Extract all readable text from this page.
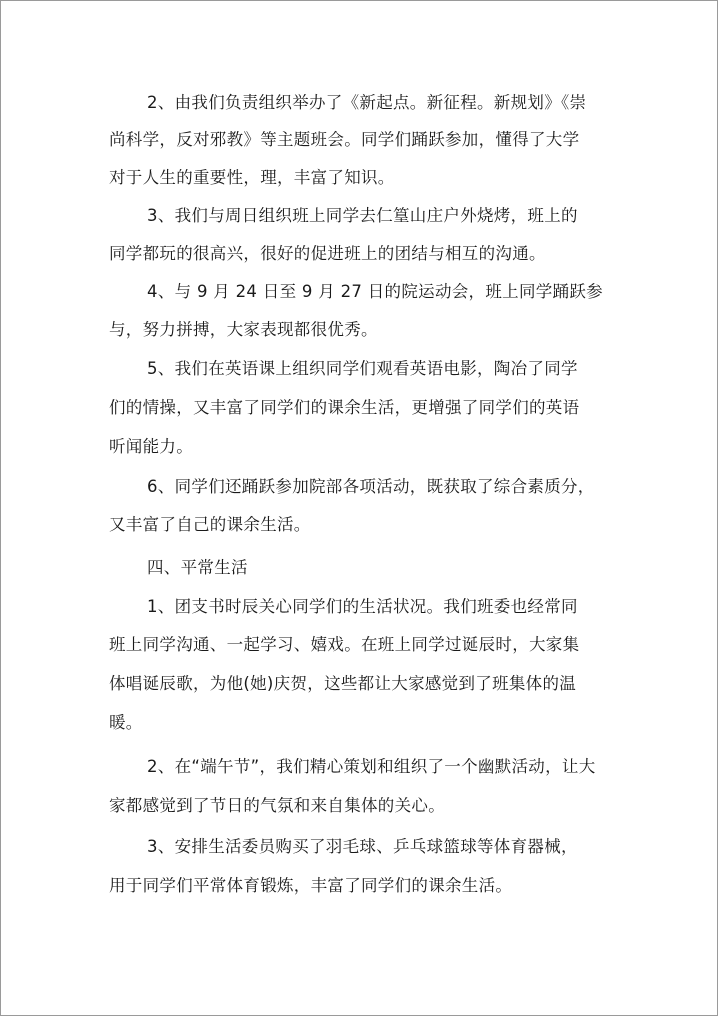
2、由我们负责组织举办了《新起点。新征程。新规划》《崇
尚科学，反对邪教》等主题班会。同学们踊跃参加，懂得了大学
对于人生的重要性，理，丰富了知识。
3、我们与周日组织班上同学去仁篁山庄户外烧烤，班上的
同学都玩的很高兴，很好的促进班上的团结与相互的沟通。
4、与 9 月 24 日至 9 月 27 日的院运动会，班上同学踊跃参
与，努力拼搏，大家表现都很优秀。
5、我们在英语课上组织同学们观看英语电影，陶冶了同学
们的情操，又丰富了同学们的课余生活，更增强了同学们的英语
听闻能力。
6、同学们还踊跃参加院部各项活动，既获取了综合素质分，
又丰富了自己的课余生活。
四、平常生活
1、团支书时辰关心同学们的生活状况。我们班委也经常同
班上同学沟通、一起学习、嬉戏。在班上同学过诞辰时，大家集
体唱诞辰歌，为他(她)庆贺，这些都让大家感觉到了班集体的温
暖。
2、在“端午节”，我们精心策划和组织了一个幽默活动，让大
家都感觉到了节日的气氛和来自集体的关心。
3、安排生活委员购买了羽毛球、乒乓球篮球等体育器械，
用于同学们平常体育锻炼，丰富了同学们的课余生活。
